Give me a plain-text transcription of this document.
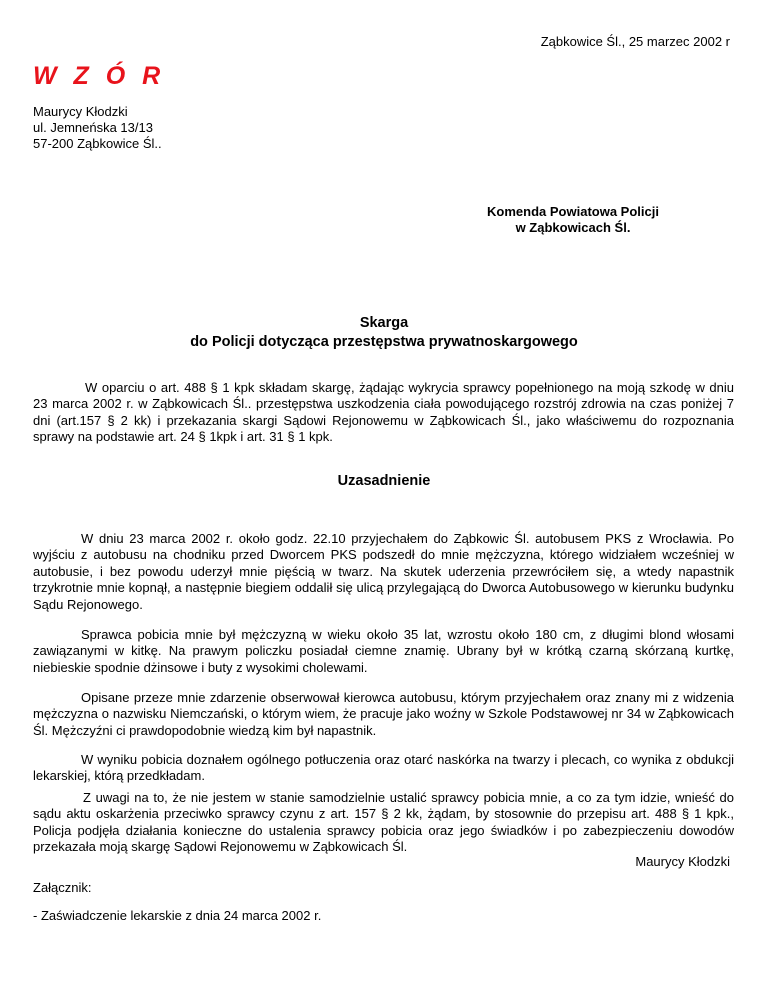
Ząbkowice Śl., 25 marzec 2002 r
W Z Ó R
Maurycy Kłodzki
ul. Jemneńska 13/13
57-200 Ząbkowice Śl..
Komenda Powiatowa Policji
w Ząbkowicach Śl.
Skarga
do Policji dotycząca przestępstwa prywatnoskargowego

W oparciu o art. 488 § 1 kpk składam skargę, żądając wykrycia sprawcy popełnionego na moją szkodę w dniu 23 marca 2002 r. w Ząbkowicach Śl.. przestępstwa uszkodzenia ciała powodującego rozstrój zdrowia na czas poniżej 7 dni (art.157 § 2 kk) i przekazania skargi Sądowi Rejonowemu w Ząbkowicach Śl., jako właściwemu do rozpoznania sprawy na podstawie art. 24 § 1kpk i art. 31 § 1 kpk.

Uzasadnienie

W dniu 23 marca 2002 r. około godz. 22.10 przyjechałem do Ząbkowic Śl. autobusem PKS z Wrocławia. Po wyjściu z autobusu na chodniku przed Dworcem PKS podszedł do mnie mężczyzna, którego widziałem wcześniej w autobusie, i bez powodu uderzył mnie pięścią w twarz. Na skutek uderzenia przewróciłem się, a wtedy napastnik trzykrotnie mnie kopnął, a następnie biegiem oddalił się ulicą przylegającą do Dworca Autobusowego w kierunku budynku Sądu Rejonowego.

Sprawca pobicia mnie był mężczyzną w wieku około 35 lat, wzrostu około 180 cm, z długimi blond włosami zawiązanymi w kitkę. Na prawym policzku posiadał ciemne znamię. Ubrany był w krótką czarną skórzaną kurtkę, niebieskie spodnie dżinsowe i buty z wysokimi cholewami.

Opisane przeze mnie zdarzenie obserwował kierowca autobusu, którym przyjechałem oraz znany mi z widzenia mężczyzna o nazwisku Niemczański, o którym wiem, że pracuje jako woźny w Szkole Podstawowej nr 34 w Ząbkowicach Śl. Mężczyźni ci prawdopodobnie wiedzą kim był napastnik.

W wyniku pobicia doznałem ogólnego potłuczenia oraz otarć naskórka na twarzy i plecach, co wynika z obdukcji lekarskiej, którą przedkładam.

Z uwagi na to, że nie jestem w stanie samodzielnie ustalić sprawcy pobicia mnie, a co za tym idzie, wnieść do sądu aktu oskarżenia przeciwko sprawcy czynu z art. 157 § 2 kk, żądam, by stosownie do przepisu art. 488 § 1 kpk., Policja podjęła działania konieczne do ustalenia sprawcy pobicia oraz jego świadków i po zabezpieczeniu dowodów przekazała moją skargę Sądowi Rejonowemu w Ząbkowicach Śl.

Maurycy Kłodzki
Załącznik:
- Zaświadczenie lekarskie z dnia 24 marca 2002 r.
